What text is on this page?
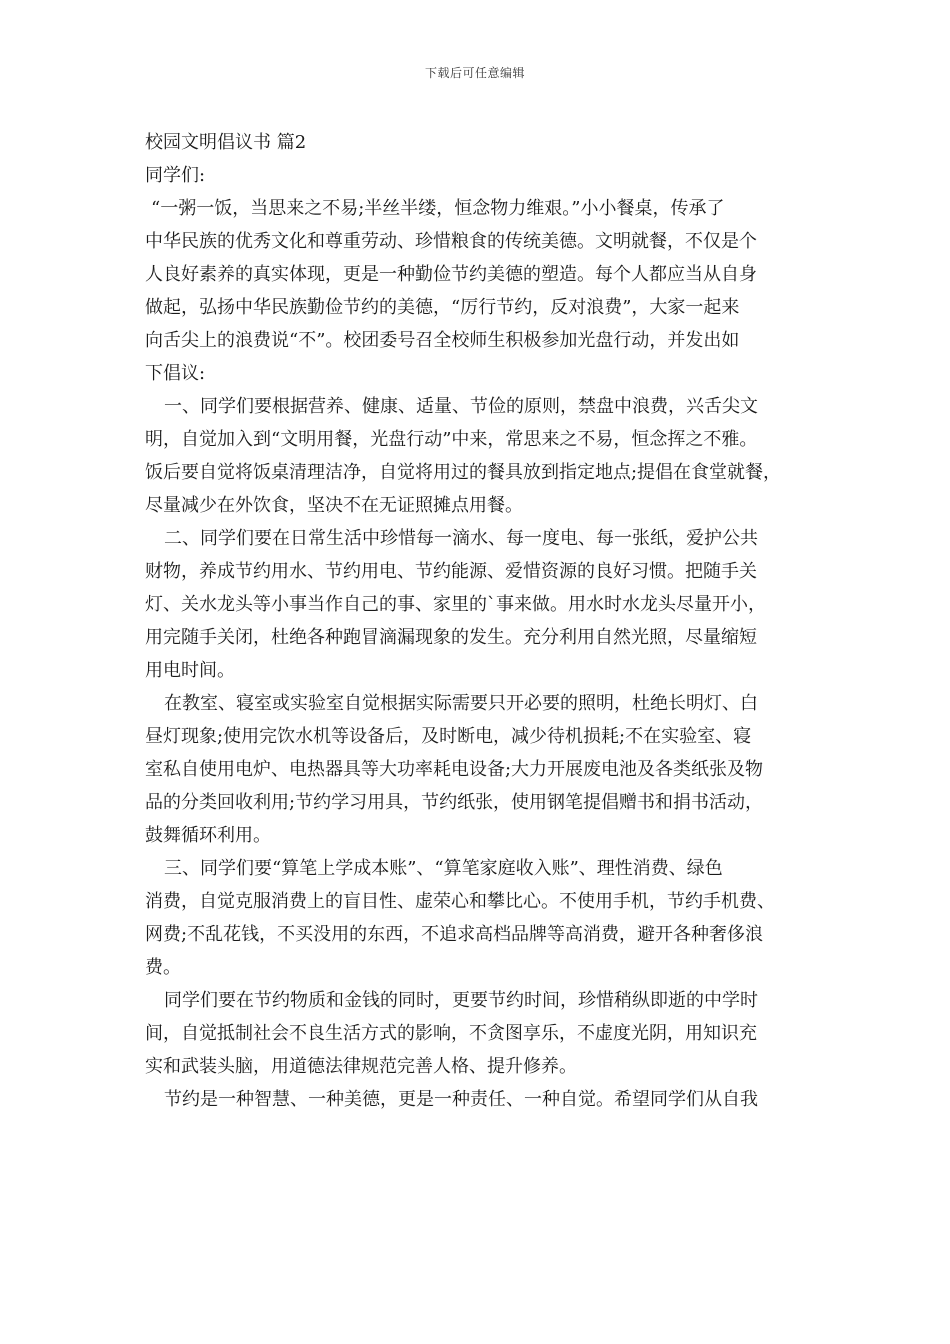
下载后可任意编辑

校园文明倡议书 篇2

同学们:

“一粥一饭，当思来之不易;半丝半缕，恒念物力维艰。”小小餐桌，传承了
中华民族的优秀文化和尊重劳动、珍惜粮食的传统美德。文明就餐，不仅是个
人良好素养的真实体现，更是一种勤俭节约美德的塑造。每个人都应当从自身
做起，弘扬中华民族勤俭节约的美德，“厉行节约，反对浪费”，大家一起来
向舌尖上的浪费说“不”。校团委号召全校师生积极参加光盘行动，并发出如
下倡议:
一、同学们要根据营养、健康、适量、节俭的原则，禁盘中浪费，兴舌尖文
明，自觉加入到“文明用餐，光盘行动”中来，常思来之不易，恒念挥之不雅。
饭后要自觉将饭桌清理洁净，自觉将用过的餐具放到指定地点;提倡在食堂就餐，
尽量减少在外饮食，坚决不在无证照摊点用餐。
二、同学们要在日常生活中珍惜每一滴水、每一度电、每一张纸，爱护公共
财物，养成节约用水、节约用电、节约能源、爱惜资源的良好习惯。把随手关
灯、关水龙头等小事当作自己的事、家里的`事来做。用水时水龙头尽量开小，
用完随手关闭，杜绝各种跑冒滴漏现象的发生。充分利用自然光照，尽量缩短
用电时间。
在教室、寝室或实验室自觉根据实际需要只开必要的照明，杜绝长明灯、白
昼灯现象;使用完饮水机等设备后，及时断电，减少待机损耗;不在实验室、寝
室私自使用电炉、电热器具等大功率耗电设备;大力开展废电池及各类纸张及物
品的分类回收利用;节约学习用具，节约纸张，使用钢笔提倡赠书和捐书活动，
鼓舞循环利用。
三、同学们要“算笔上学成本账”、“算笔家庭收入账”、理性消费、绿色
消费，自觉克服消费上的盲目性、虚荣心和攀比心。不使用手机，节约手机费、
网费;不乱花钱，不买没用的东西，不追求高档品牌等高消费，避开各种奢侈浪
费。
同学们要在节约物质和金钱的同时，更要节约时间，珍惜稍纵即逝的中学时
间，自觉抵制社会不良生活方式的影响，不贪图享乐，不虚度光阴，用知识充
实和武装头脑，用道德法律规范完善人格、提升修养。
节约是一种智慧、一种美德，更是一种责任、一种自觉。希望同学们从自我
